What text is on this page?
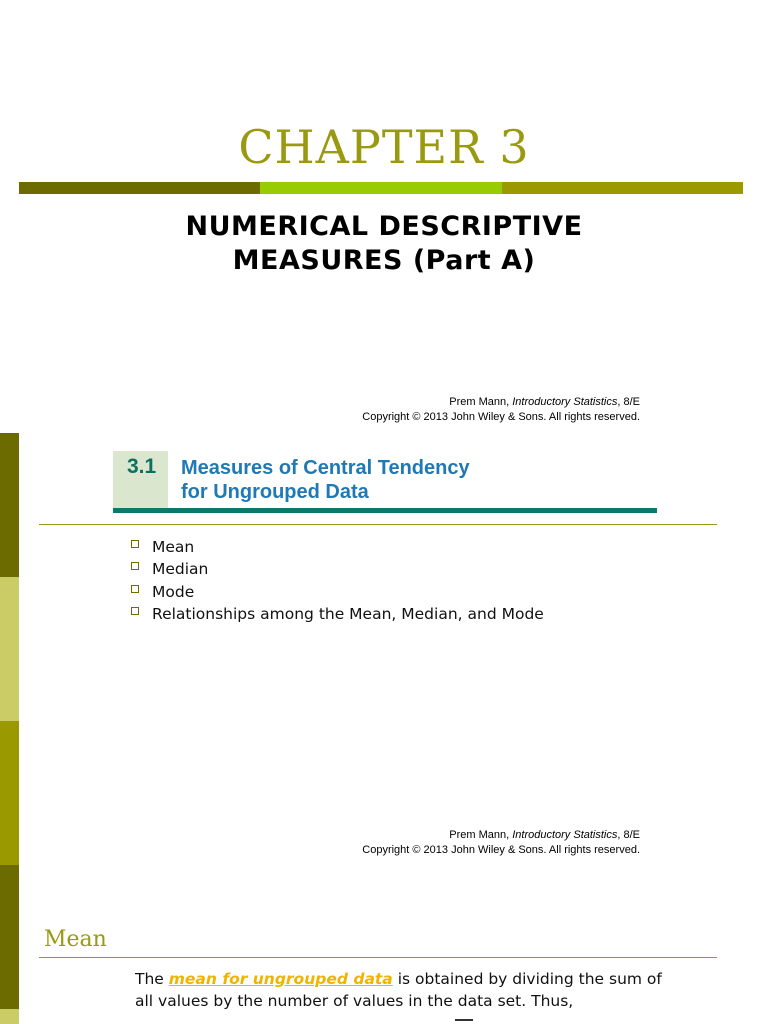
CHAPTER 3
NUMERICAL DESCRIPTIVE
MEASURES (Part A)
Prem Mann, Introductory Statistics, 8/E
Copyright © 2013 John Wiley & Sons. All rights reserved.
3.1 Measures of Central Tendency
for Ungrouped Data
Mean
Median
Mode
Relationships among the Mean, Median, and Mode
Prem Mann, Introductory Statistics, 8/E
Copyright © 2013 John Wiley & Sons. All rights reserved.
Mean
The mean for ungrouped data is obtained by dividing the sum of all values by the number of values in the data set. Thus,
